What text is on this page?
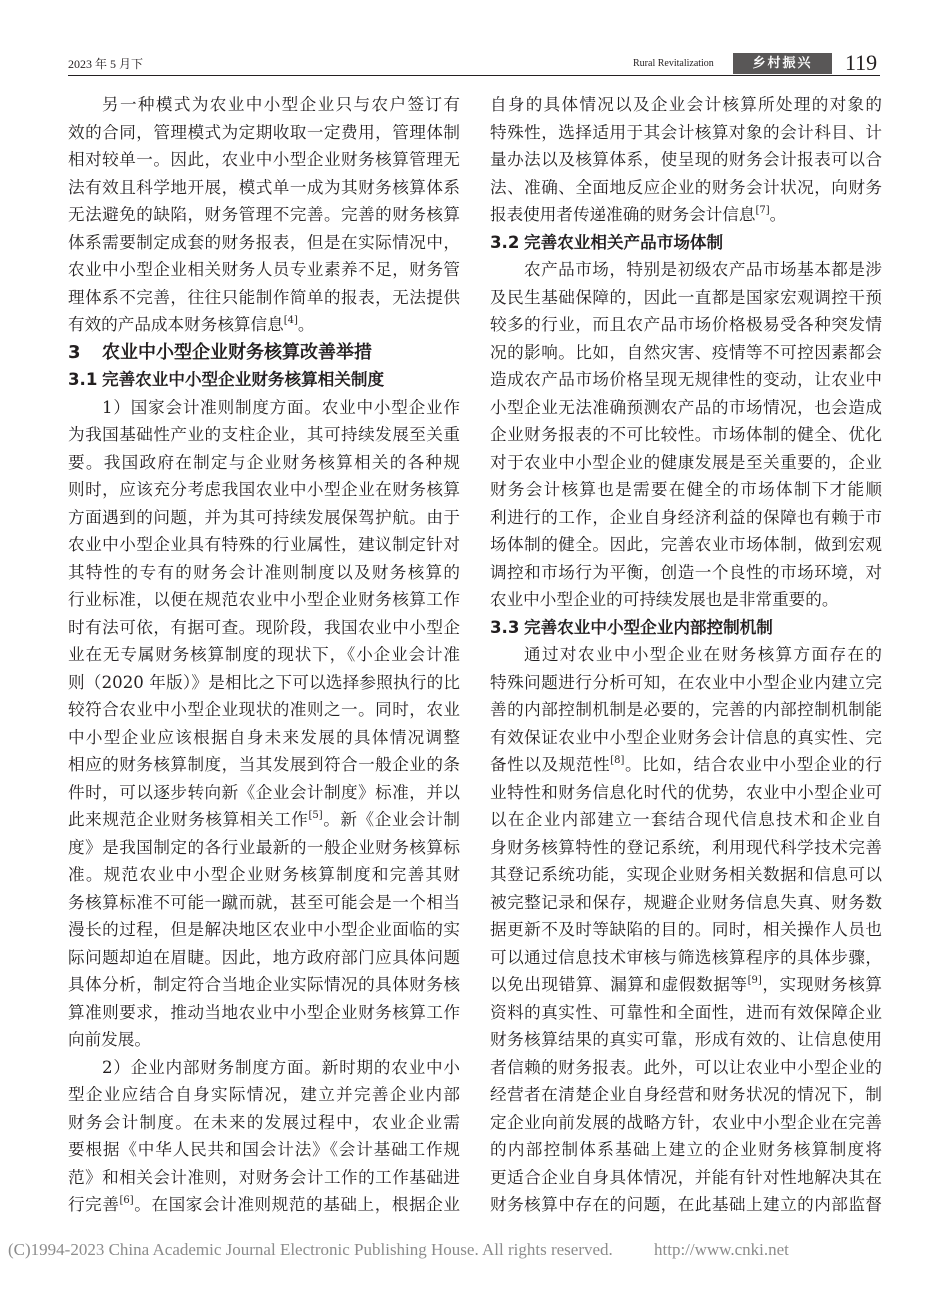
2023 年 5 月下	Rural Revitalization	乡村振兴	119
另一种模式为农业中小型企业只与农户签订有
效的合同，管理模式为定期收取一定费用，管理体制
相对较单一。因此，农业中小型企业财务核算管理无
法有效且科学地开展，模式单一成为其财务核算体系
无法避免的缺陷，财务管理不完善。完善的财务核算
体系需要制定成套的财务报表，但是在实际情况中，
农业中小型企业相关财务人员专业素养不足，财务管
理体系不完善，往往只能制作简单的报表，无法提供
有效的产品成本财务核算信息[4]。
3 农业中小型企业财务核算改善举措
3.1 完善农业中小型企业财务核算相关制度
1）国家会计准则制度方面。农业中小型企业作
为我国基础性产业的支柱企业，其可持续发展至关重
要。我国政府在制定与企业财务核算相关的各种规
则时，应该充分考虑我国农业中小型企业在财务核算
方面遇到的问题，并为其可持续发展保驾护航。由于
农业中小型企业具有特殊的行业属性，建议制定针对
其特性的专有的财务会计准则制度以及财务核算的
行业标准，以便在规范农业中小型企业财务核算工作
时有法可依，有据可查。现阶段，我国农业中小型企
业在无专属财务核算制度的现状下，《小企业会计准
则（2020 年版）》是相比之下可以选择参照执行的比
较符合农业中小型企业现状的准则之一。同时，农业
中小型企业应该根据自身未来发展的具体情况调整
相应的财务核算制度，当其发展到符合一般企业的条
件时，可以逐步转向新《企业会计制度》标准，并以
此来规范企业财务核算相关工作[5]。新《企业会计制
度》是我国制定的各行业最新的一般企业财务核算标
准。规范农业中小型企业财务核算制度和完善其财
务核算标准不可能一蹴而就，甚至可能会是一个相当
漫长的过程，但是解决地区农业中小型企业面临的实
际问题却迫在眉睫。因此，地方政府部门应具体问题
具体分析，制定符合当地企业实际情况的具体财务核
算准则要求，推动当地农业中小型企业财务核算工作
向前发展。
2）企业内部财务制度方面。新时期的农业中小
型企业应结合自身实际情况，建立并完善企业内部
财务会计制度。在未来的发展过程中，农业企业需
要根据《中华人民共和国会计法》《会计基础工作规
范》和相关会计准则，对财务会计工作的工作基础进
行完善[6]。在国家会计准则规范的基础上，根据企业
自身的具体情况以及企业会计核算所处理的对象的
特殊性，选择适用于其会计核算对象的会计科目、计
量办法以及核算体系，使呈现的财务会计报表可以合
法、准确、全面地反应企业的财务会计状况，向财务
报表使用者传递准确的财务会计信息[7]。
3.2 完善农业相关产品市场体制
农产品市场，特别是初级农产品市场基本都是涉
及民生基础保障的，因此一直都是国家宏观调控干预
较多的行业，而且农产品市场价格极易受各种突发情
况的影响。比如，自然灾害、疫情等不可控因素都会
造成农产品市场价格呈现无规律性的变动，让农业中
小型企业无法准确预测农产品的市场情况，也会造成
企业财务报表的不可比较性。市场体制的健全、优化
对于农业中小型企业的健康发展是至关重要的，企业
财务会计核算也是需要在健全的市场体制下才能顺
利进行的工作，企业自身经济利益的保障也有赖于市
场体制的健全。因此，完善农业市场体制，做到宏观
调控和市场行为平衡，创造一个良性的市场环境，对
农业中小型企业的可持续发展也是非常重要的。
3.3 完善农业中小型企业内部控制机制
通过对农业中小型企业在财务核算方面存在的
特殊问题进行分析可知，在农业中小型企业内建立完
善的内部控制机制是必要的，完善的内部控制机制能
有效保证农业中小型企业财务会计信息的真实性、完
备性以及规范性[8]。比如，结合农业中小型企业的行
业特性和财务信息化时代的优势，农业中小型企业可
以在企业内部建立一套结合现代信息技术和企业自
身财务核算特性的登记系统，利用现代科学技术完善
其登记系统功能，实现企业财务相关数据和信息可以
被完整记录和保存，规避企业财务信息失真、财务数
据更新不及时等缺陷的目的。同时，相关操作人员也
可以通过信息技术审核与筛选核算程序的具体步骤，
以免出现错算、漏算和虚假数据等[9]，实现财务核算
资料的真实性、可靠性和全面性，进而有效保障企业
财务核算结果的真实可靠，形成有效的、让信息使用
者信赖的财务报表。此外，可以让农业中小型企业的
经营者在清楚企业自身经营和财务状况的情况下，制
定企业向前发展的战略方针，农业中小型企业在完善
的内部控制体系基础上建立的企业财务核算制度将
更适合企业自身具体情况，并能有针对性地解决其在
财务核算中存在的问题，在此基础上建立的内部监督
(C)1994-2023 China Academic Journal Electronic Publishing House. All rights reserved. http://www.cnki.net
